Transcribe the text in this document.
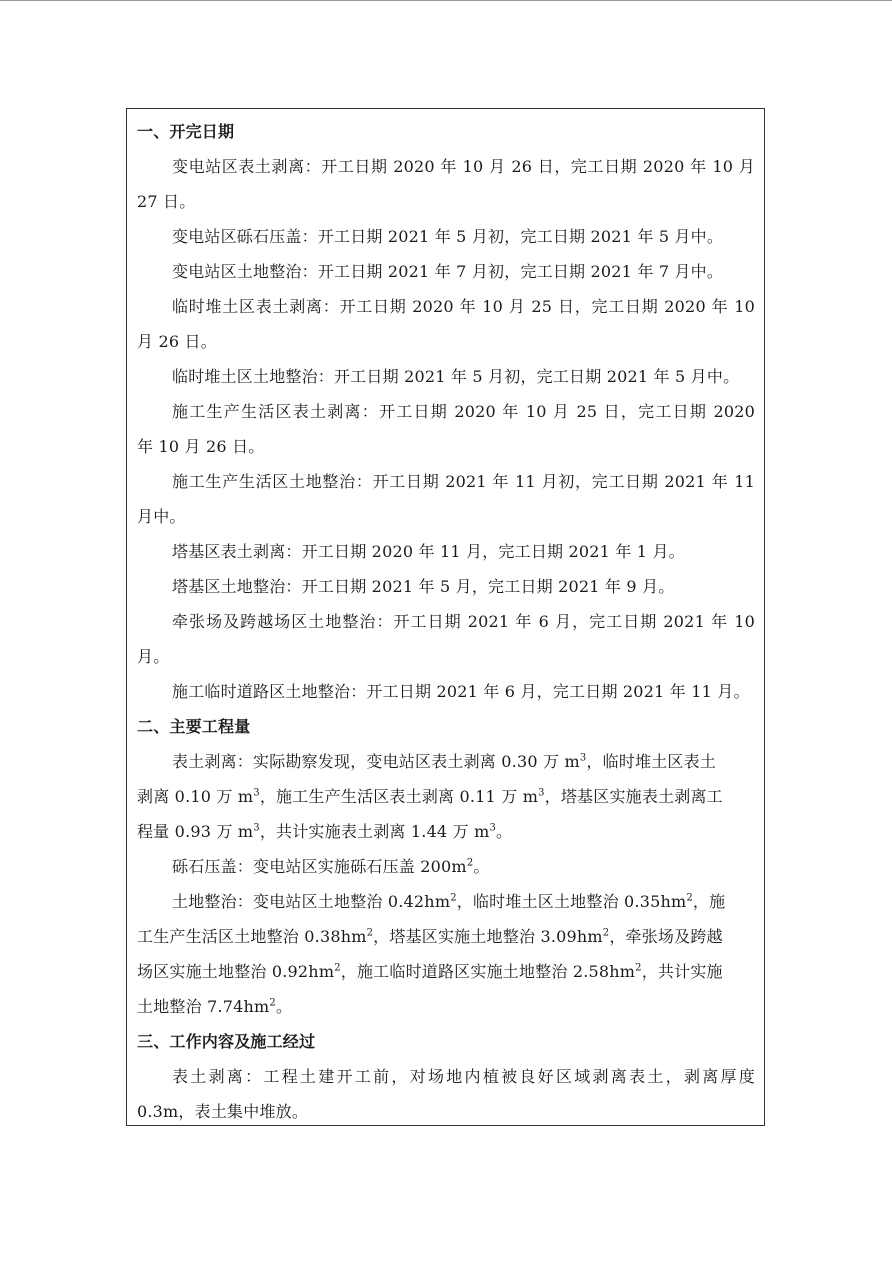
一、开完日期
变电站区表土剥离：开工日期 2020 年 10 月 26 日，完工日期 2020 年 10 月
27 日。
变电站区砾石压盖：开工日期 2021 年 5 月初，完工日期 2021 年 5 月中。
变电站区土地整治：开工日期 2021 年 7 月初，完工日期 2021 年 7 月中。
临时堆土区表土剥离：开工日期 2020 年 10 月 25 日，完工日期 2020 年 10
月 26 日。
临时堆土区土地整治：开工日期 2021 年 5 月初，完工日期 2021 年 5 月中。
施工生产生活区表土剥离：开工日期 2020 年 10 月 25 日，完工日期 2020
年 10 月 26 日。
施工生产生活区土地整治：开工日期 2021 年 11 月初，完工日期 2021 年 11
月中。
塔基区表土剥离：开工日期 2020 年 11 月，完工日期 2021 年 1 月。
塔基区土地整治：开工日期 2021 年 5 月，完工日期 2021 年 9 月。
牵张场及跨越场区土地整治：开工日期 2021 年 6 月，完工日期 2021 年 10
月。
施工临时道路区土地整治：开工日期 2021 年 6 月，完工日期 2021 年 11 月。
二、主要工程量
表土剥离：实际勘察发现，变电站区表土剥离 0.30 万 $m^3$，临时堆土区表土
剥离 0.10 万 $m^3$，施工生产生活区表土剥离 0.11 万 $m^3$，塔基区实施表土剥离工
程量 0.93 万 $m^3$，共计实施表土剥离 1.44 万 $m^3$。
砾石压盖：变电站区实施砾石压盖 $200m^2$。
土地整治：变电站区土地整治 $0.42hm^2$，临时堆土区土地整治 $0.35hm^2$，施
工生产生活区土地整治 $0.38hm^2$，塔基区实施土地整治 $3.09hm^2$，牵张场及跨越
场区实施土地整治 $0.92hm^2$，施工临时道路区实施土地整治 $2.58hm^2$，共计实施
土地整治 $7.74hm^2$。
三、工作内容及施工经过
表土剥离：工程土建开工前，对场地内植被良好区域剥离表土，剥离厚度
0.3m，表土集中堆放。
